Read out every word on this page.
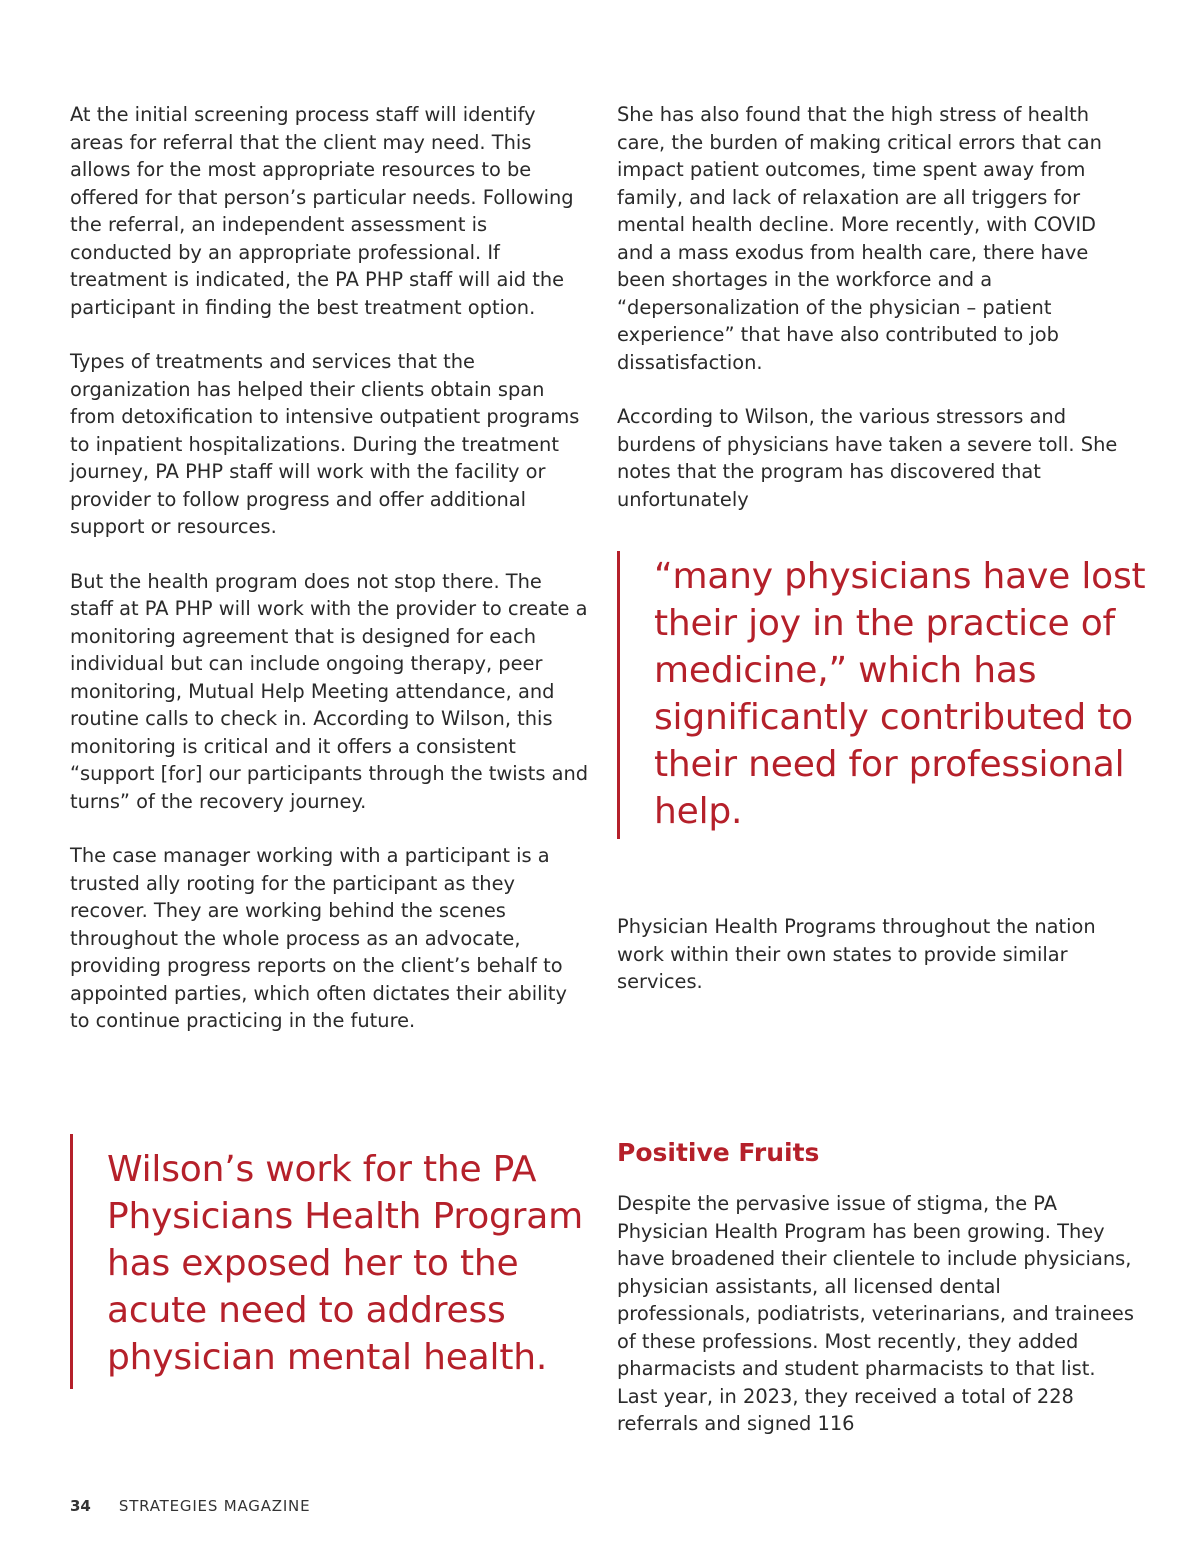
At the initial screening process staff will identify areas for referral that the client may need. This allows for the most appropriate resources to be offered for that person’s particular needs. Following the referral, an independent assessment is conducted by an appropriate professional. If treatment is indicated, the PA PHP staff will aid the participant in finding the best treatment option.

Types of treatments and services that the organization has helped their clients obtain span from detoxification to intensive outpatient programs to inpatient hospitalizations. During the treatment journey, PA PHP staff will work with the facility or provider to follow progress and offer additional support or resources.

But the health program does not stop there. The staff at PA PHP will work with the provider to create a monitoring agreement that is designed for each individual but can include ongoing therapy, peer monitoring, Mutual Help Meeting attendance, and routine calls to check in. According to Wilson, this monitoring is critical and it offers a consistent “support [for] our participants through the twists and turns” of the recovery journey.

The case manager working with a participant is a trusted ally rooting for the participant as they recover. They are working behind the scenes throughout the whole process as an advocate, providing progress reports on the client’s behalf to appointed parties, which often dictates their ability to continue practicing in the future.

Wilson’s work for the PA Physicians Health Program has exposed her to the acute need to address physician mental health.

She has also found that the high stress of health care, the burden of making critical errors that can impact patient outcomes, time spent away from family, and lack of relaxation are all triggers for mental health decline. More recently, with COVID and a mass exodus from health care, there have been shortages in the workforce and a “depersonalization of the physician – patient experience” that have also contributed to job dissatisfaction.

According to Wilson, the various stressors and burdens of physicians have taken a severe toll. She notes that the program has discovered that unfortunately

“many physicians have lost their joy in the practice of medicine,” which has significantly contributed to their need for professional help.

Physician Health Programs throughout the nation work within their own states to provide similar services.

Positive Fruits

Despite the pervasive issue of stigma, the PA Physician Health Program has been growing. They have broadened their clientele to include physicians, physician assistants, all licensed dental professionals, podiatrists, veterinarians, and trainees of these professions. Most recently, they added pharmacists and student pharmacists to that list. Last year, in 2023, they received a total of 228 referrals and signed 116

34 STRATEGIES MAGAZINE
